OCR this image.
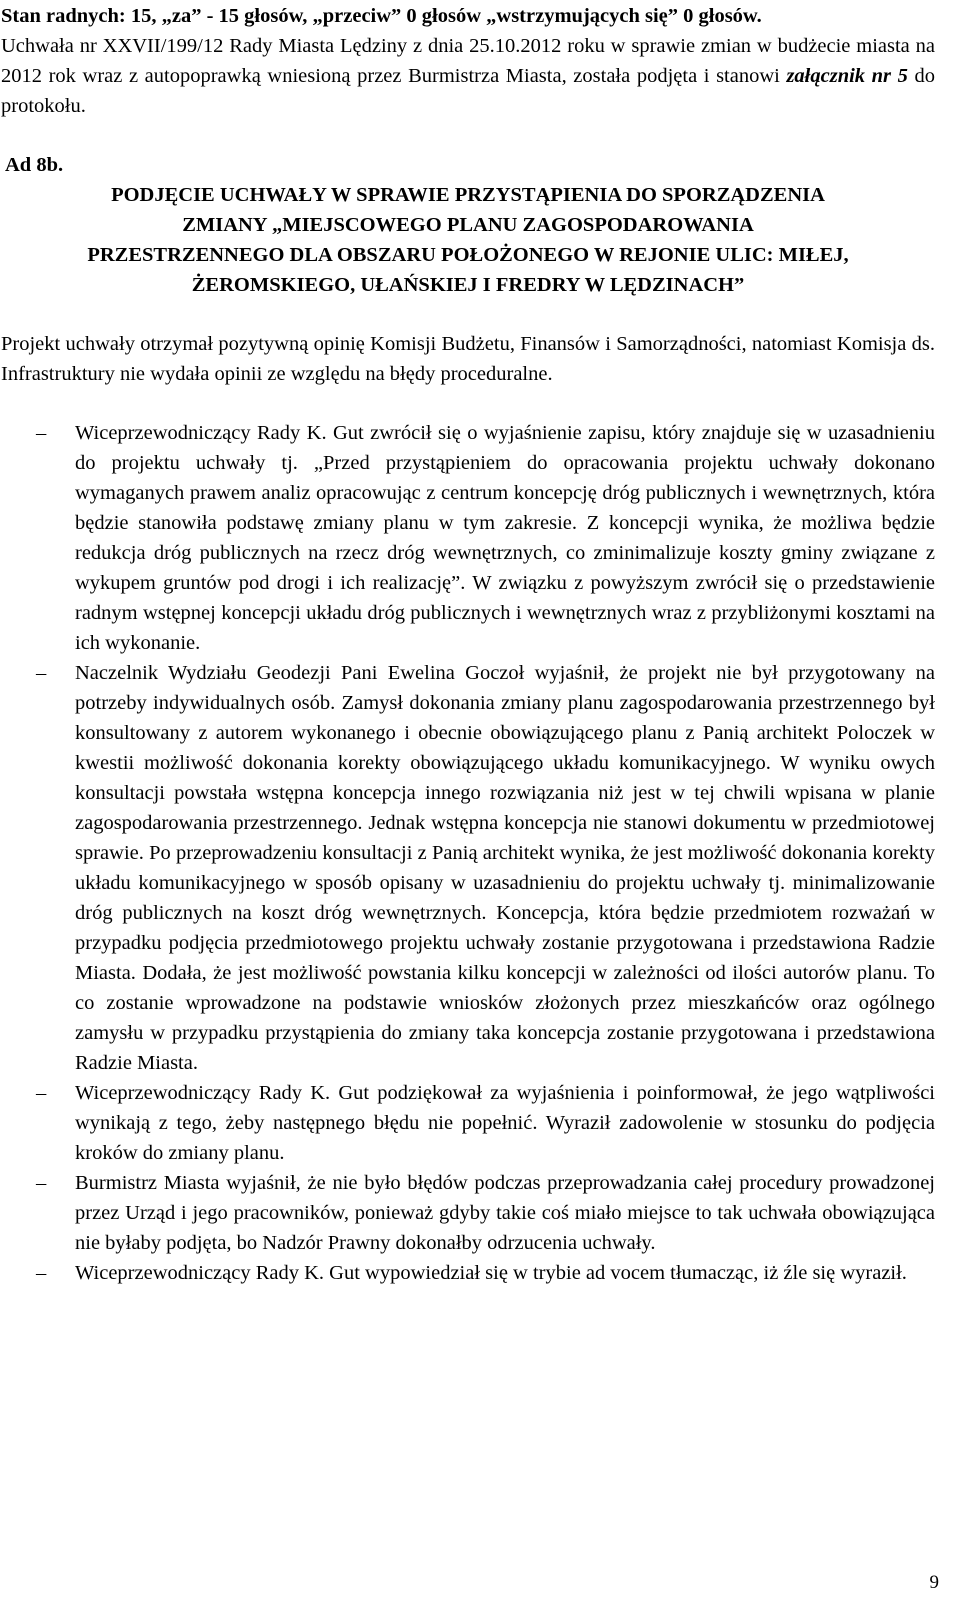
Stan radnych: 15, „za” - 15 głosów, „przeciw” 0 głosów „wstrzymujących się” 0 głosów.

Uchwała nr XXVII/199/12 Rady Miasta Lędziny z dnia 25.10.2012 roku w sprawie zmian w budżecie miasta na 2012 rok wraz z autopoprawką wniesioną przez Burmistrza Miasta, została podjęta i stanowi załącznik nr 5 do protokołu.

Ad 8b.

PODJĘCIE UCHWAŁY W SPRAWIE PRZYSTĄPIENIA DO SPORZĄDZENIA

ZMIANY „MIEJSCOWEGO PLANU ZAGOSPODAROWANIA

PRZESTRZENNEGO DLA OBSZARU POŁOŻONEGO W REJONIE ULIC: MIŁEJ,

ŻEROMSKIEGO, UŁAŃSKIEJ I FREDRY W LĘDZINACH”

Projekt uchwały otrzymał pozytywną opinię Komisji Budżetu, Finansów i Samorządności, natomiast Komisja ds. Infrastruktury nie wydała opinii ze względu na błędy proceduralne.

– Wiceprzewodniczący Rady K. Gut zwrócił się o wyjaśnienie zapisu, który znajduje się w uzasadnieniu do projektu uchwały tj. „Przed przystąpieniem do opracowania projektu uchwały dokonano wymaganych prawem analiz opracowując z centrum koncepcję dróg publicznych i wewnętrznych, która będzie stanowiła podstawę zmiany planu w tym zakresie. Z koncepcji wynika, że możliwa będzie redukcja dróg publicznych na rzecz dróg wewnętrznych, co zminimalizuje koszty gminy związane z wykupem gruntów pod drogi i ich realizację”. W związku z powyższym zwrócił się o przedstawienie radnym wstępnej koncepcji układu dróg publicznych i wewnętrznych wraz z przybliżonymi kosztami na ich wykonanie.
– Naczelnik Wydziału Geodezji Pani Ewelina Goczoł wyjaśnił, że projekt nie był przygotowany na potrzeby indywidualnych osób. Zamysł dokonania zmiany planu zagospodarowania przestrzennego był konsultowany z autorem wykonanego i obecnie obowiązującego planu z Panią architekt Poloczek w kwestii możliwość dokonania korekty obowiązującego układu komunikacyjnego. W wyniku owych konsultacji powstała wstępna koncepcja innego rozwiązania niż jest w tej chwili wpisana w planie zagospodarowania przestrzennego. Jednak wstępna koncepcja nie stanowi dokumentu w przedmiotowej sprawie. Po przeprowadzeniu konsultacji z Panią architekt wynika, że jest możliwość dokonania korekty układu komunikacyjnego w sposób opisany w uzasadnieniu do projektu uchwały tj. minimalizowanie dróg publicznych na koszt dróg wewnętrznych. Koncepcja, która będzie przedmiotem rozważań w przypadku podjęcia przedmiotowego projektu uchwały zostanie przygotowana i przedstawiona Radzie Miasta. Dodała, że jest możliwość powstania kilku koncepcji w zależności od ilości autorów planu. To co zostanie wprowadzone na podstawie wniosków złożonych przez mieszkańców oraz ogólnego zamysłu w przypadku przystąpienia do zmiany taka koncepcja zostanie przygotowana i przedstawiona Radzie Miasta.
– Wiceprzewodniczący Rady K. Gut podziękował za wyjaśnienia i poinformował, że jego wątpliwości wynikają z tego, żeby następnego błędu nie popełnić. Wyraził zadowolenie w stosunku do podjęcia kroków do zmiany planu.
– Burmistrz Miasta wyjaśnił, że nie było błędów podczas przeprowadzania całej procedury prowadzonej przez Urząd i jego pracowników, ponieważ gdyby takie coś miało miejsce to tak uchwała obowiązująca nie byłaby podjęta, bo Nadzór Prawny dokonałby odrzucenia uchwały.
– Wiceprzewodniczący Rady K. Gut wypowiedział się w trybie ad vocem tłumacząc, iż źle się wyraził.
9
